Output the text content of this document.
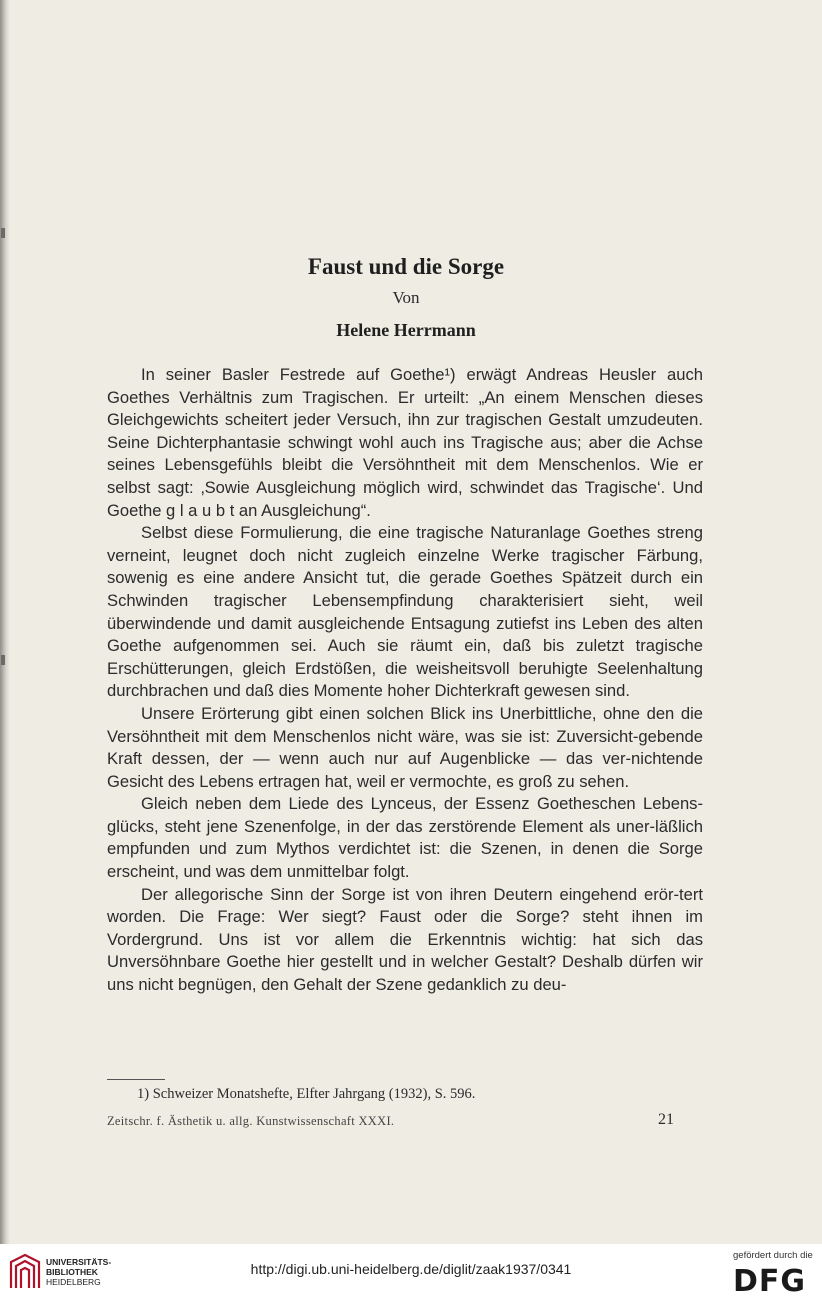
Faust und die Sorge
Von
Helene Herrmann

In seiner Basler Festrede auf Goethe¹) erwägt Andreas Heusler auch Goethes Verhältnis zum Tragischen. Er urteilt: „An einem Menschen dieses Gleichgewichts scheitert jeder Versuch, ihn zur tragischen Gestalt umzudeuten. Seine Dichterphantasie schwingt wohl auch ins Tragische aus; aber die Achse seines Lebensgefühls bleibt die Versöhntheit mit dem Menschenlos. Wie er selbst sagt: ‚Sowie Ausgleichung möglich wird, schwindet das Tragische‘. Und Goethe g l a u b t an Ausgleichung“.

Selbst diese Formulierung, die eine tragische Naturanlage Goethes streng verneint, leugnet doch nicht zugleich einzelne Werke tragischer Färbung, sowenig es eine andere Ansicht tut, die gerade Goethes Spätzeit durch ein Schwinden tragischer Lebensempfindung charakterisiert sieht, weil überwindende und damit ausgleichende Entsagung zutiefst ins Leben des alten Goethe aufgenommen sei. Auch sie räumt ein, daß bis zuletzt tragische Erschütterungen, gleich Erdstößen, die weisheitsvoll beruhigte Seelenhaltung durchbrachen und daß dies Momente hoher Dichterkraft gewesen sind.

Unsere Erörterung gibt einen solchen Blick ins Unerbittliche, ohne den die Versöhntheit mit dem Menschenlos nicht wäre, was sie ist: Zuversicht-gebende Kraft dessen, der — wenn auch nur auf Augenblicke — das ver-nichtende Gesicht des Lebens ertragen hat, weil er vermochte, es groß zu sehen.

Gleich neben dem Liede des Lynceus, der Essenz Goetheschen Lebens-glücks, steht jene Szenenfolge, in der das zerstörende Element als uner-läßlich empfunden und zum Mythos verdichtet ist: die Szenen, in denen die Sorge erscheint, und was dem unmittelbar folgt.

Der allegorische Sinn der Sorge ist von ihren Deutern eingehend erör-tert worden. Die Frage: Wer siegt? Faust oder die Sorge? steht ihnen im Vordergrund. Uns ist vor allem die Erkenntnis wichtig: hat sich das Unversöhnbare Goethe hier gestellt und in welcher Gestalt? Deshalb dürfen wir uns nicht begnügen, den Gehalt der Szene gedanklich zu deu-

1) Schweizer Monatshefte, Elfter Jahrgang (1932), S. 596.
Zeitschr. f. Ästhetik u. allg. Kunstwissenschaft XXXI.	21
UNIVERSITÄTS-
BIBLIOTHEK
HEIDELBERG
http://digi.ub.uni-heidelberg.de/diglit/zaak1937/0341
gefördert durch die
DFG
